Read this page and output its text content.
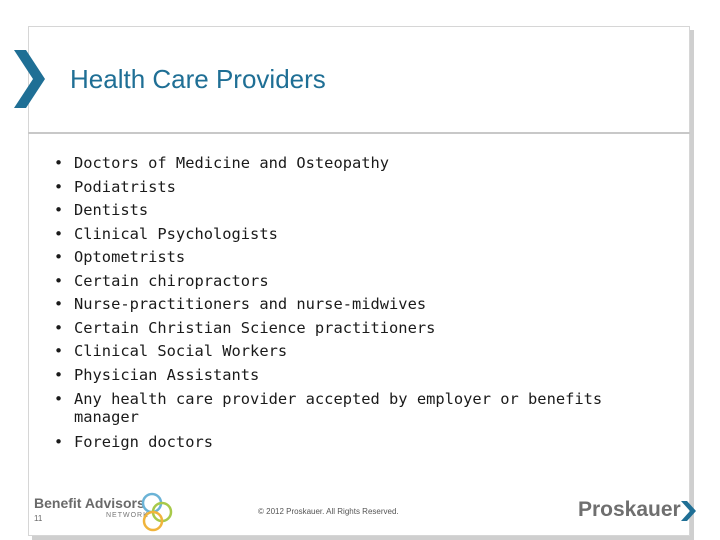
Health Care Providers
• Doctors of Medicine and Osteopathy
• Podiatrists
• Dentists
• Clinical Psychologists
• Optometrists
• Certain chiropractors
• Nurse-practitioners and nurse-midwives
• Certain Christian Science practitioners
• Clinical Social Workers
• Physician Assistants
• Any health care provider accepted by employer or benefits manager
• Foreign doctors
Benefit Advisors
NETWORK
11
© 2012 Proskauer. All Rights Reserved.	Proskauer
